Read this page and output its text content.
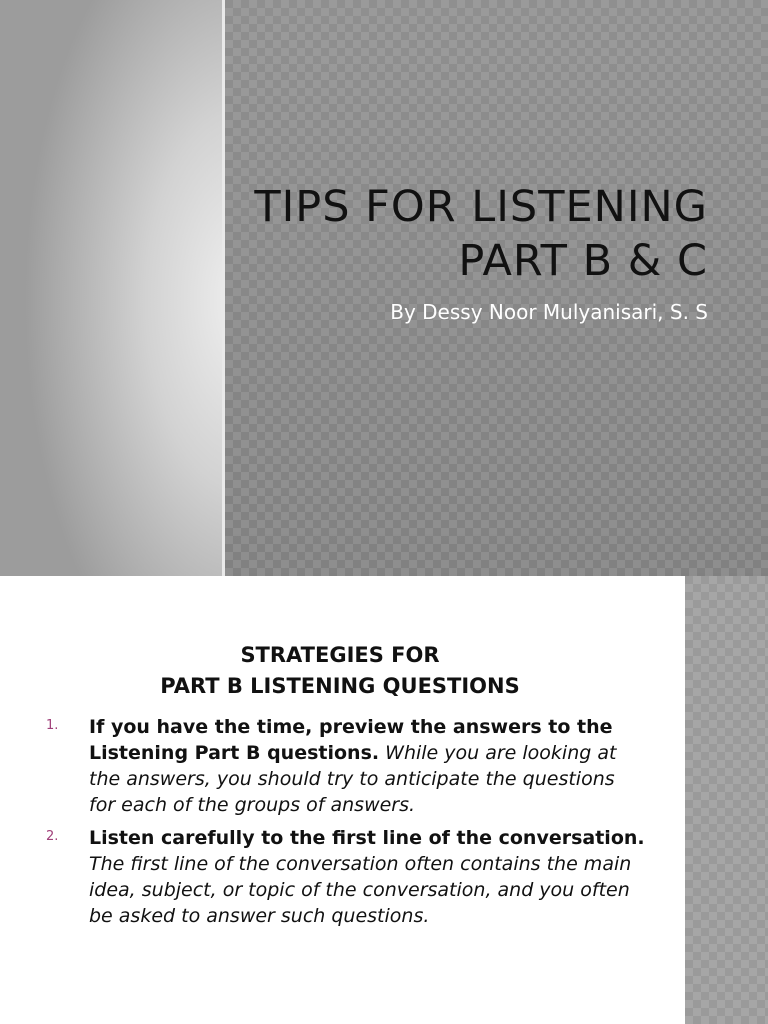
TIPS FOR LISTENING
PART B & C
By Dessy Noor Mulyanisari, S. S
STRATEGIES FOR
PART B LISTENING QUESTIONS
1. If you have the time, preview the answers to the Listening Part B questions. While you are looking at the answers, you should try to anticipate the questions for each of the groups of answers.
2. Listen carefully to the first line of the conversation. The first line of the conversation often contains the main idea, subject, or topic of the conversation, and you often be asked to answer such questions.
